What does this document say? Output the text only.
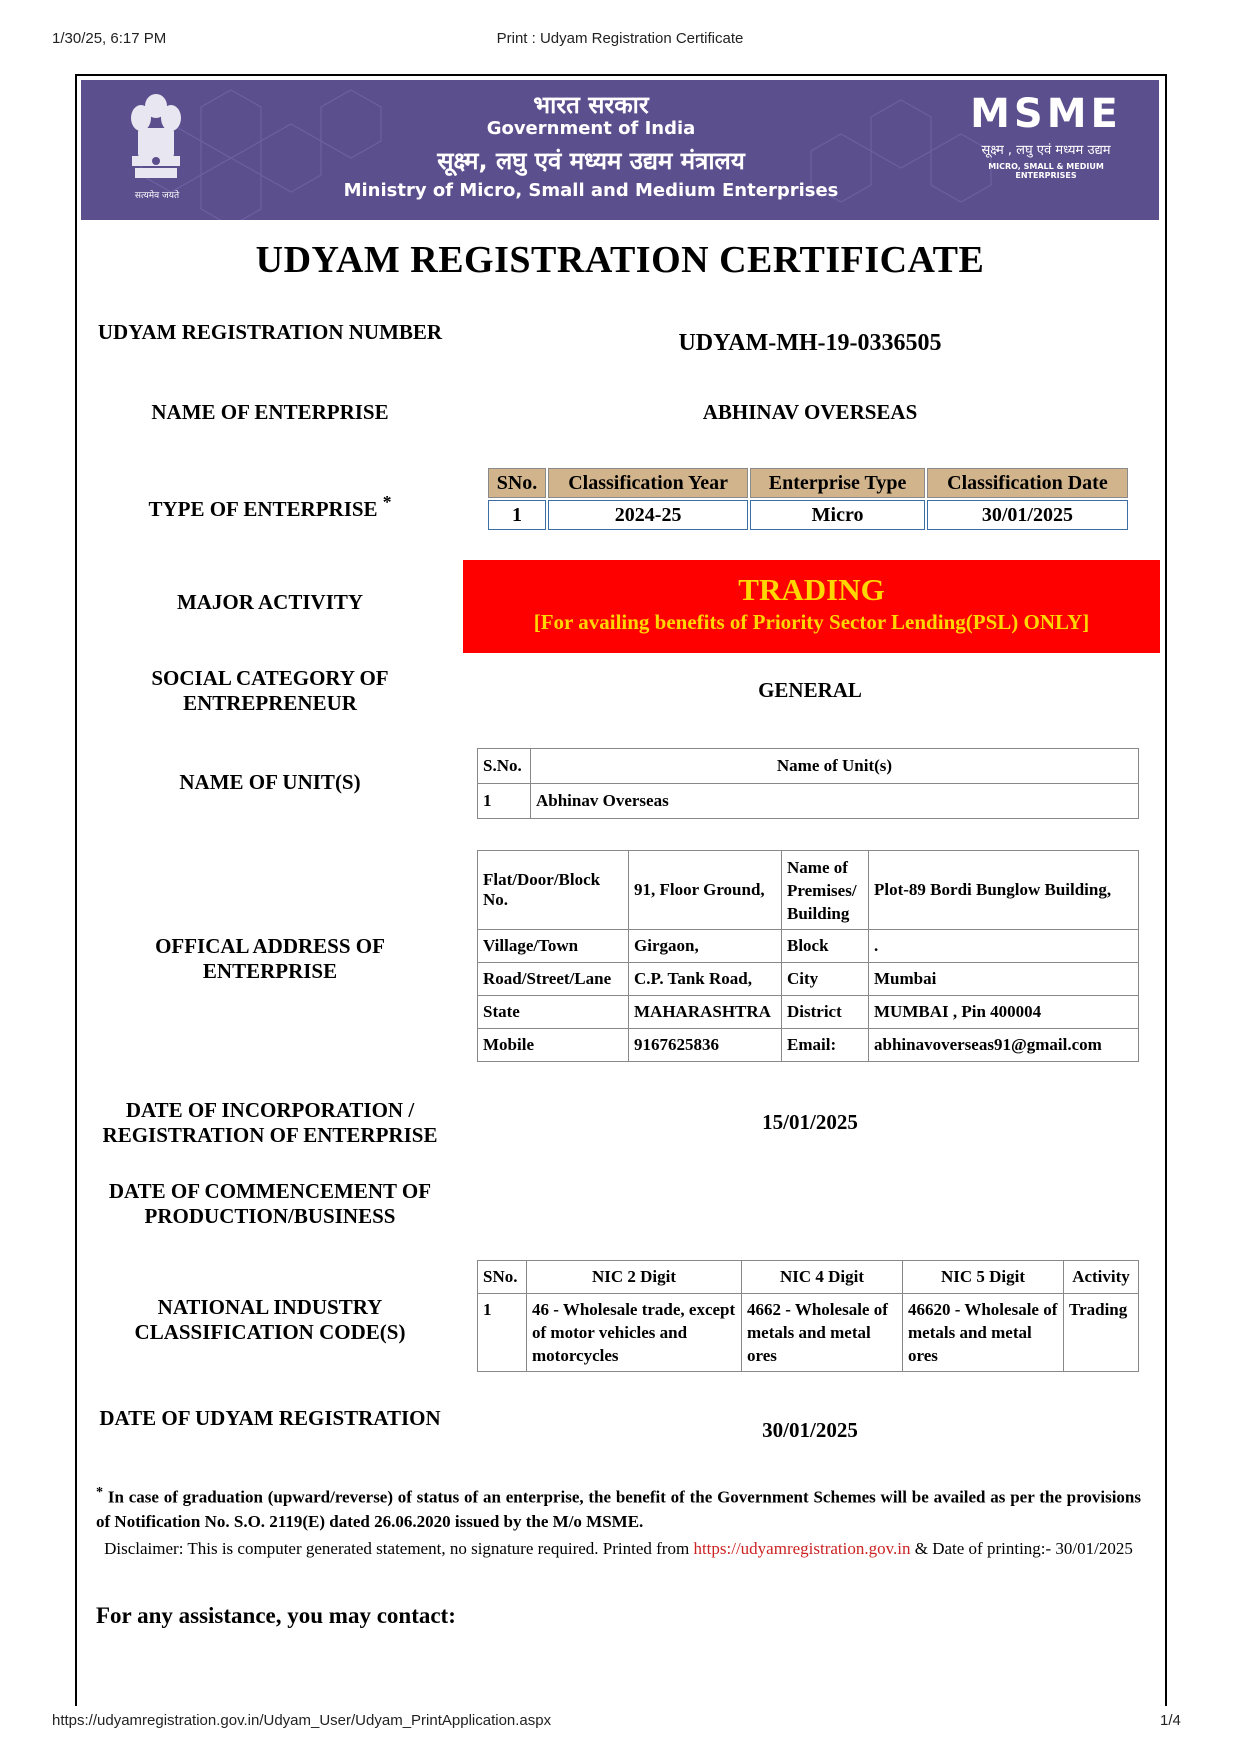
1/30/25, 6:17 PM	Print : Udyam Registration Certificate
सत्यमेव जयते
भारत सरकार
Government of India
सूक्ष्म, लघु एवं मध्यम उद्यम मंत्रालय
Ministry of Micro, Small and Medium Enterprises
MSME
सूक्ष्म , लघु एवं मध्यम उद्यम
MICRO, SMALL & MEDIUM ENTERPRISES
UDYAM REGISTRATION CERTIFICATE
UDYAM REGISTRATION NUMBER	UDYAM-MH-19-0336505
NAME OF ENTERPRISE	ABHINAV OVERSEAS
TYPE OF ENTERPRISE *
SNo.	Classification Year	Enterprise Type	Classification Date
1	2024-25	Micro	30/01/2025
MAJOR ACTIVITY	TRADING
[For availing benefits of Priority Sector Lending(PSL) ONLY]
SOCIAL CATEGORY OF ENTREPRENEUR
GENERAL
NAME OF UNIT(S)
S.No.	Name of Unit(s)
1	Abhinav Overseas
OFFICAL ADDRESS OF ENTERPRISE
Flat/Door/Block No.	91, Floor Ground,	Name of Premises/ Building	Plot-89 Bordi Bunglow Building,
Village/Town	Girgaon,	Block	.
Road/Street/Lane	C.P. Tank Road,	City	Mumbai
State	MAHARASHTRA	District	MUMBAI , Pin 400004
Mobile	9167625836	Email:	abhinavoverseas91@gmail.com
DATE OF INCORPORATION / REGISTRATION OF ENTERPRISE
15/01/2025
DATE OF COMMENCEMENT OF PRODUCTION/BUSINESS
NATIONAL INDUSTRY CLASSIFICATION CODE(S)
SNo.	NIC 2 Digit	NIC 4 Digit	NIC 5 Digit	Activity
1	46 - Wholesale trade, except of motor vehicles and motorcycles	4662 - Wholesale of metals and metal ores	46620 - Wholesale of metals and metal ores	Trading
DATE OF UDYAM REGISTRATION	30/01/2025
* In case of graduation (upward/reverse) of status of an enterprise, the benefit of the Government Schemes will be availed as per the provisions of Notification No. S.O. 2119(E) dated 26.06.2020 issued by the M/o MSME.
Disclaimer: This is computer generated statement, no signature required. Printed from https://udyamregistration.gov.in & Date of printing:- 30/01/2025
For any assistance, you may contact:
https://udyamregistration.gov.in/Udyam_User/Udyam_PrintApplication.aspx	1/4
